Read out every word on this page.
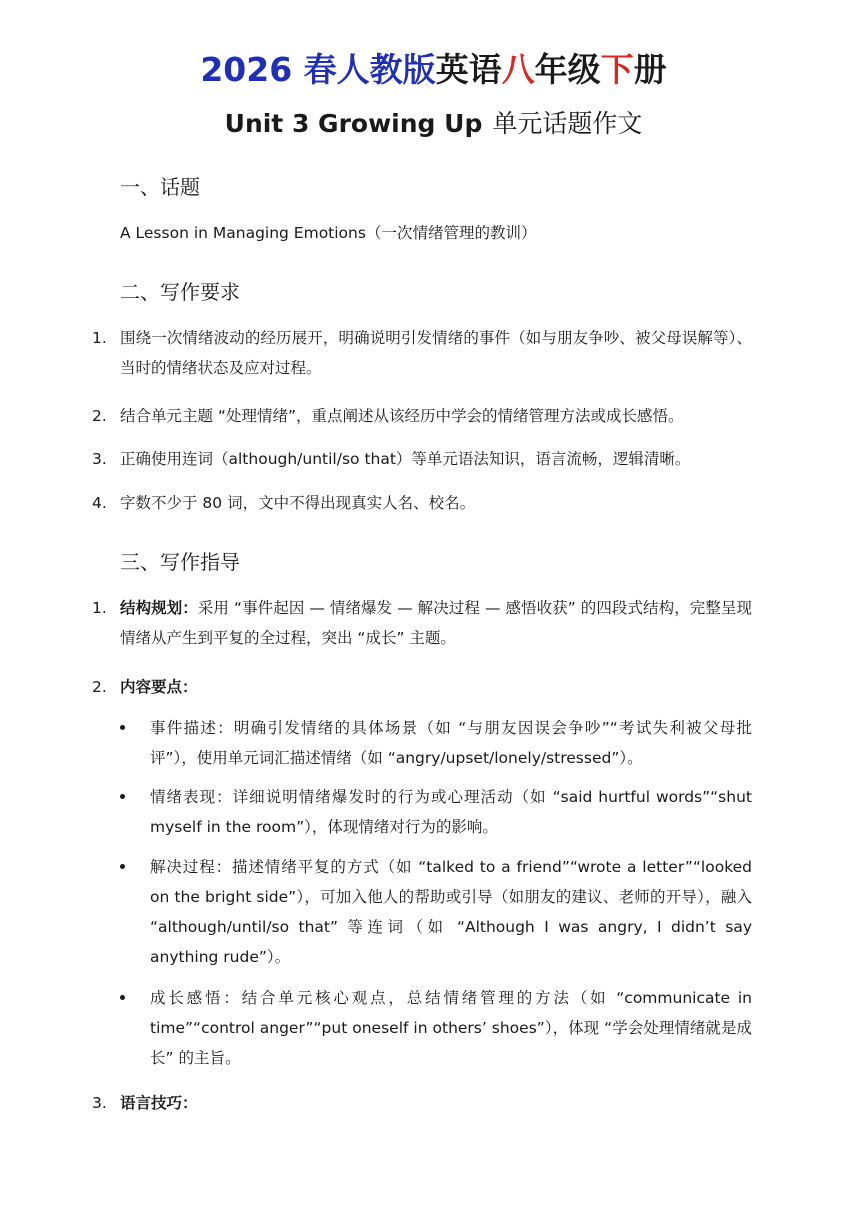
2026 春人教版英语八年级下册
Unit 3 Growing Up 单元话题作文
一、话题
A Lesson in Managing Emotions（一次情绪管理的教训）
二、写作要求
1. 围绕一次情绪波动的经历展开，明确说明引发情绪的事件（如与朋友争吵、被父母误解等）、当时的情绪状态及应对过程。
2. 结合单元主题 “处理情绪”，重点阐述从该经历中学会的情绪管理方法或成长感悟。
3. 正确使用连词（although/until/so that）等单元语法知识，语言流畅，逻辑清晰。
4. 字数不少于 80 词，文中不得出现真实人名、校名。
三、写作指导
1. 结构规划：采用 “事件起因 — 情绪爆发 — 解决过程 — 感悟收获” 的四段式结构，完整呈现情绪从产生到平复的全过程，突出 “成长” 主题。
2. 内容要点：
事件描述：明确引发情绪的具体场景（如 “与朋友因误会争吵”“考试失利被父母批评”），使用单元词汇描述情绪（如 “angry/upset/lonely/stressed”）。
情绪表现：详细说明情绪爆发时的行为或心理活动（如 “said hurtful words”“shut myself in the room”），体现情绪对行为的影响。
解决过程：描述情绪平复的方式（如 “talked to a friend”“wrote a letter”“looked on the bright side”），可加入他人的帮助或引导（如朋友的建议、老师的开导），融入 “although/until/so that” 等连词（如 “Although I was angry, I didn’t say anything rude”）。
成长感悟：结合单元核心观点，总结情绪管理的方法（如 “communicate in time”“control anger”“put oneself in others’ shoes”），体现 “学会处理情绪就是成长” 的主旨。
3. 语言技巧：
